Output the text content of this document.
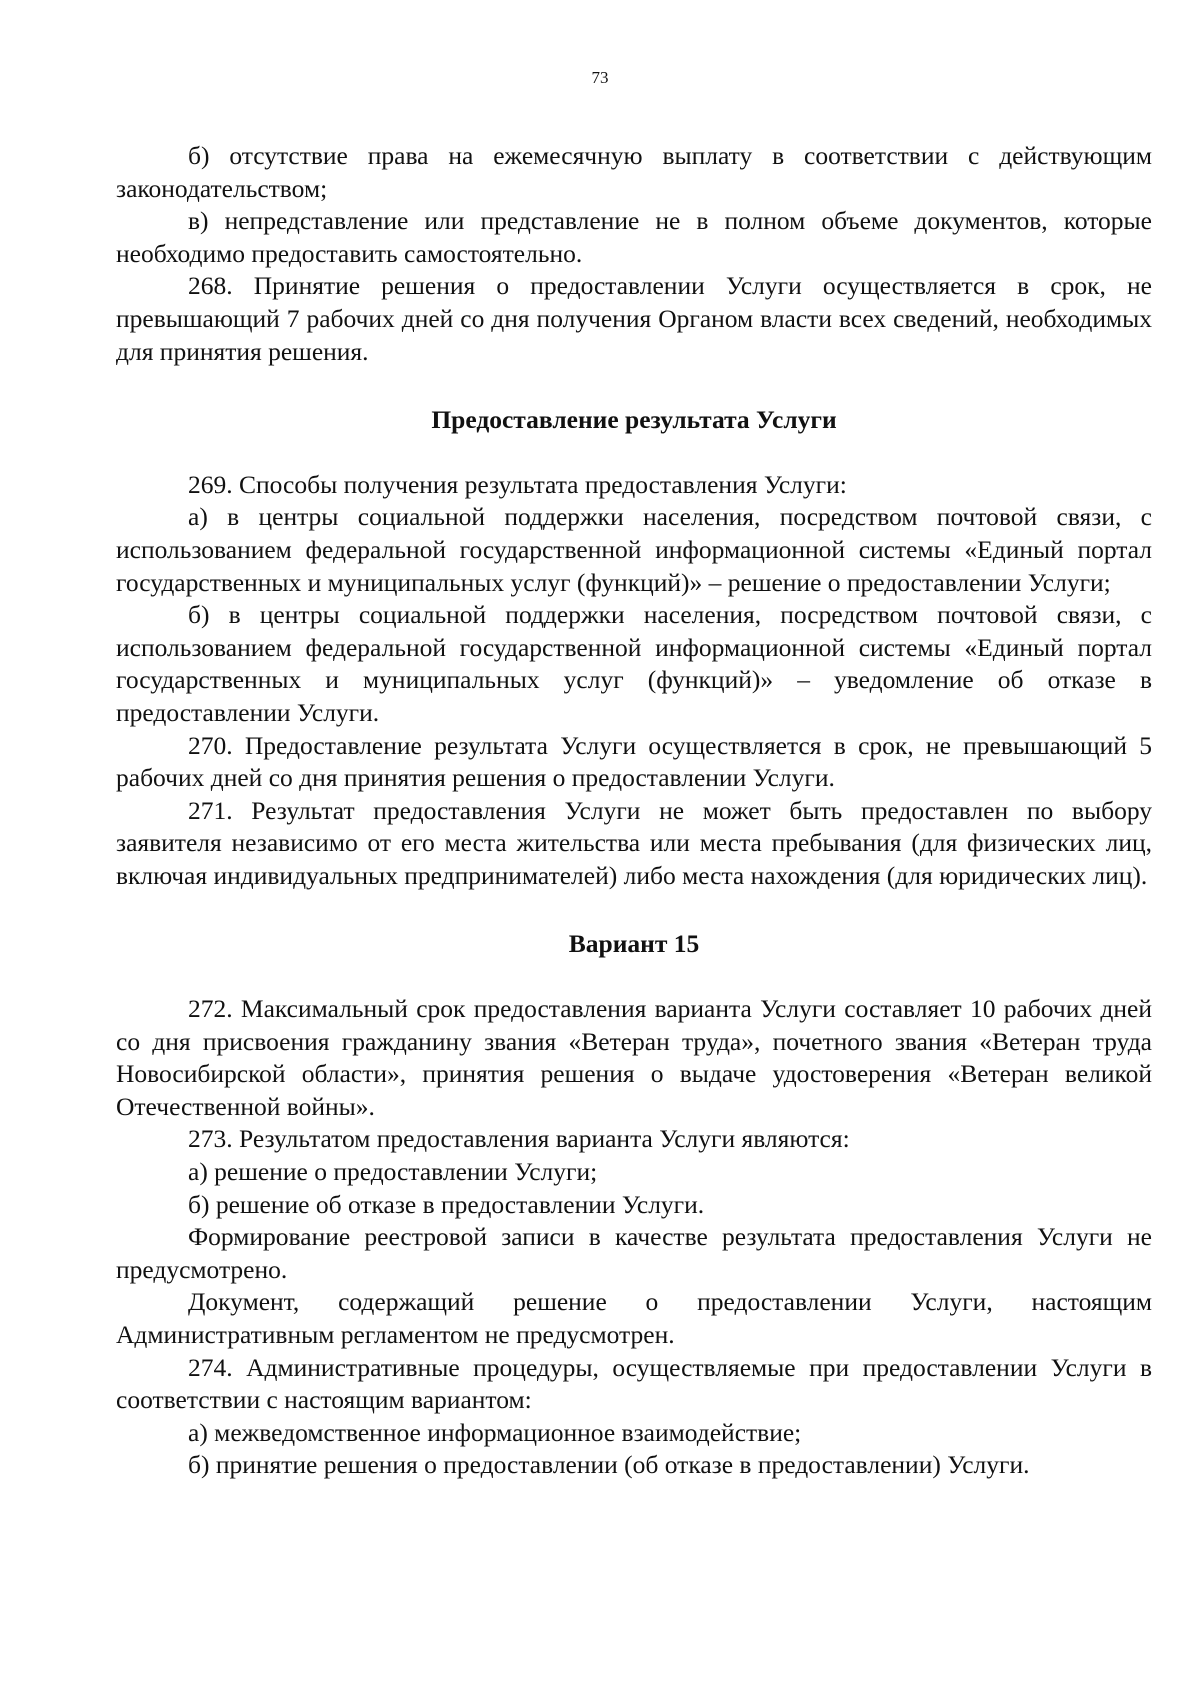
73

б) отсутствие права на ежемесячную выплату в соответствии с действующим законодательством;

в) непредставление или представление не в полном объеме документов, которые необходимо предоставить самостоятельно.

268. Принятие решения о предоставлении Услуги осуществляется в срок, не превышающий 7 рабочих дней со дня получения Органом власти всех сведений, необходимых для принятия решения.

Предоставление результата Услуги

269. Способы получения результата предоставления Услуги:

а) в центры социальной поддержки населения, посредством почтовой связи, с использованием федеральной государственной информационной системы «Единый портал государственных и муниципальных услуг (функций)» – решение о предоставлении Услуги;

б) в центры социальной поддержки населения, посредством почтовой связи, с использованием федеральной государственной информационной системы «Единый портал государственных и муниципальных услуг (функций)» – уведомление об отказе в предоставлении Услуги.

270. Предоставление результата Услуги осуществляется в срок, не превышающий 5 рабочих дней со дня принятия решения о предоставлении Услуги.

271. Результат предоставления Услуги не может быть предоставлен по выбору заявителя независимо от его места жительства или места пребывания (для физических лиц, включая индивидуальных предпринимателей) либо места нахождения (для юридических лиц).

Вариант 15

272. Максимальный срок предоставления варианта Услуги составляет 10 рабочих дней со дня присвоения гражданину звания «Ветеран труда», почетного звания «Ветеран труда Новосибирской области», принятия решения о выдаче удостоверения «Ветеран великой Отечественной войны».

273. Результатом предоставления варианта Услуги являются:

а) решение о предоставлении Услуги;

б) решение об отказе в предоставлении Услуги.

Формирование реестровой записи в качестве результата предоставления Услуги не предусмотрено.

Документ, содержащий решение о предоставлении Услуги, настоящим Административным регламентом не предусмотрен.

274. Административные процедуры, осуществляемые при предоставлении Услуги в соответствии с настоящим вариантом:

а) межведомственное информационное взаимодействие;

б) принятие решения о предоставлении (об отказе в предоставлении) Услуги.
